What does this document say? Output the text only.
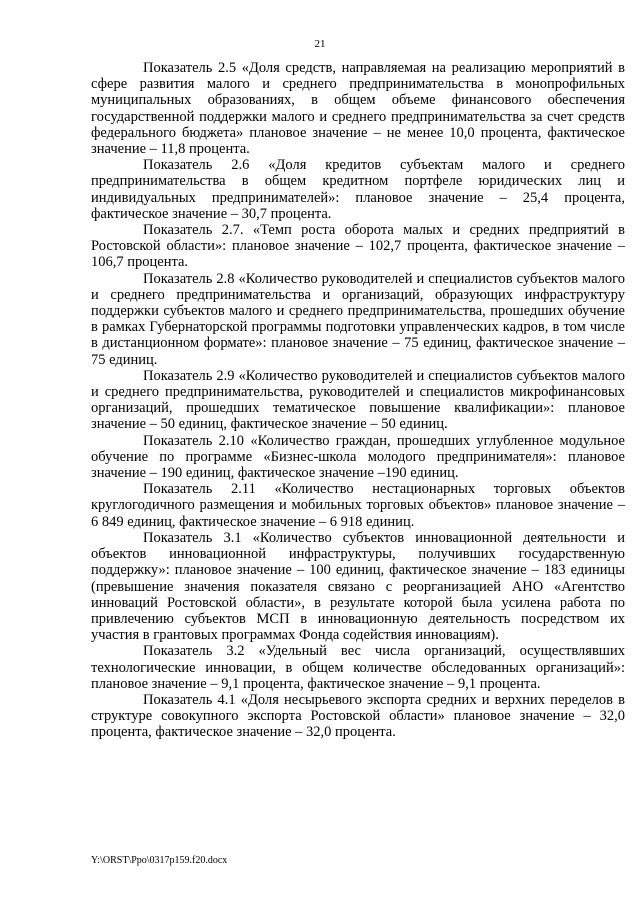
21

Показатель 2.5 «Доля средств, направляемая на реализацию мероприятий в сфере развития малого и среднего предпринимательства в монопрофильных муниципальных образованиях, в общем объеме финансового обеспечения государственной поддержки малого и среднего предпринимательства за счет средств федерального бюджета» плановое значение – не менее 10,0 процента, фактическое значение – 11,8 процента.

Показатель 2.6 «Доля кредитов субъектам малого и среднего предпринимательства в общем кредитном портфеле юридических лиц и индивидуальных предпринимателей»: плановое значение – 25,4 процента, фактическое значение – 30,7 процента.

Показатель 2.7. «Темп роста оборота малых и средних предприятий в Ростовской области»: плановое значение – 102,7 процента, фактическое значение – 106,7 процента.

Показатель 2.8 «Количество руководителей и специалистов субъектов малого и среднего предпринимательства и организаций, образующих инфраструктуру поддержки субъектов малого и среднего предпринимательства, прошедших обучение в рамках Губернаторской программы подготовки управленческих кадров, в том числе в дистанционном формате»: плановое значение – 75 единиц, фактическое значение – 75 единиц.

Показатель 2.9 «Количество руководителей и специалистов субъектов малого и среднего предпринимательства, руководителей и специалистов микрофинансовых организаций, прошедших тематическое повышение квалификации»: плановое значение – 50 единиц, фактическое значение – 50 единиц.

Показатель 2.10 «Количество граждан, прошедших углубленное модульное обучение по программе «Бизнес-школа молодого предпринимателя»: плановое значение – 190 единиц, фактическое значение –190 единиц.

Показатель 2.11 «Количество нестационарных торговых объектов круглогодичного размещения и мобильных торговых объектов» плановое значение – 6 849 единиц, фактическое значение – 6 918 единиц.

Показатель 3.1 «Количество субъектов инновационной деятельности и объектов инновационной инфраструктуры, получивших государственную поддержку»: плановое значение – 100 единиц, фактическое значение – 183 единицы (превышение значения показателя связано с реорганизацией АНО «Агентство инноваций Ростовской области», в результате которой была усилена работа по привлечению субъектов МСП в инновационную деятельность посредством их участия в грантовых программах Фонда содействия инновациям).

Показатель 3.2 «Удельный вес числа организаций, осуществлявших технологические инновации, в общем количестве обследованных организаций»: плановое значение – 9,1 процента, фактическое значение – 9,1 процента.

Показатель 4.1 «Доля несырьевого экспорта средних и верхних переделов в структуре совокупного экспорта Ростовской области» плановое значение – 32,0 процента, фактическое значение – 32,0 процента.

Y:\ORST\Ppo\0317p159.f20.docx
